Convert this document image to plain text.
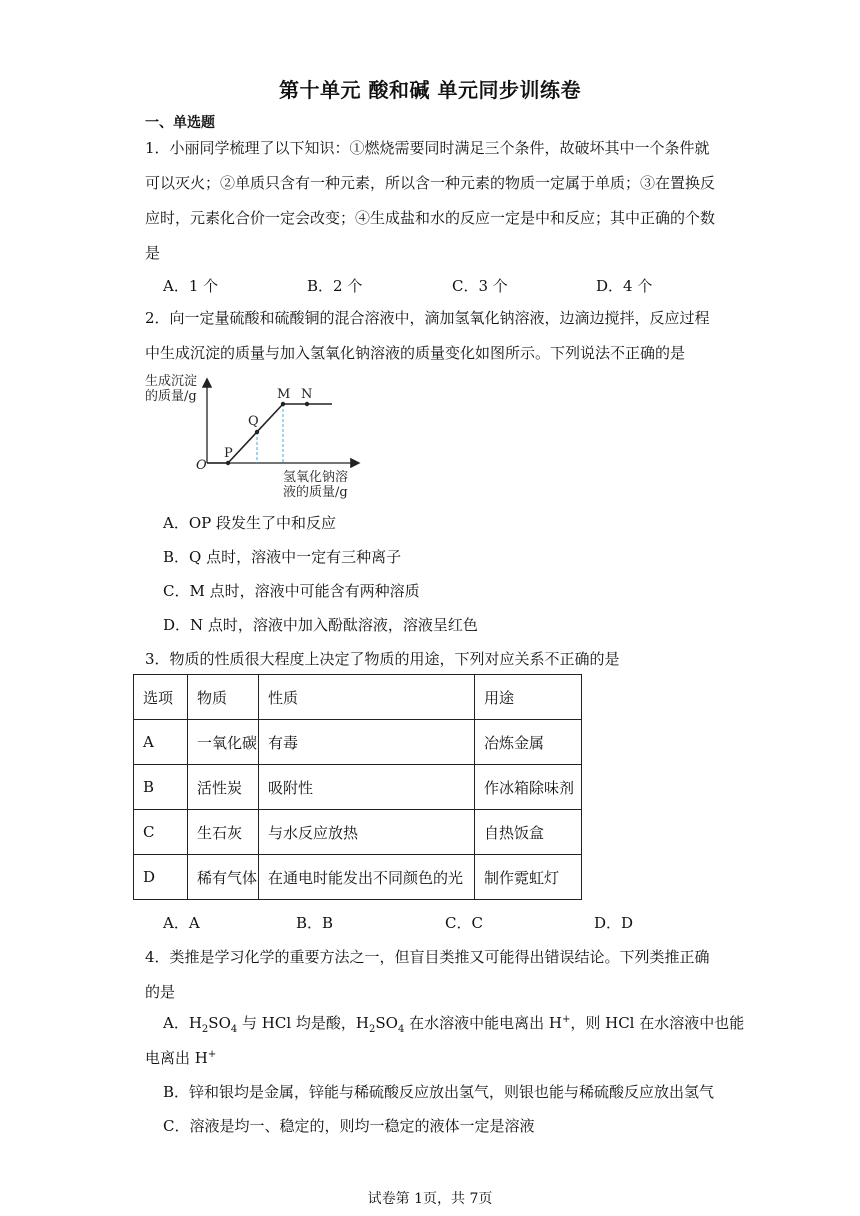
第十单元 酸和碱 单元同步训练卷
一、单选题
1．小丽同学梳理了以下知识：①燃烧需要同时满足三个条件，故破坏其中一个条件就
可以灭火；②单质只含有一种元素，所以含一种元素的物质一定属于单质；③在置换反
应时，元素化合价一定会改变；④生成盐和水的反应一定是中和反应；其中正确的个数
是
A．1 个	B．2 个	C．3 个	D．4 个
2．向一定量硫酸和硫酸铜的混合溶液中，滴加氢氧化钠溶液，边滴边搅拌，反应过程
中生成沉淀的质量与加入氢氧化钠溶液的质量变化如图所示。下列说法不正确的是
生成沉淀
的质量/g
O
P
Q
M N
氢氧化钠溶
液的质量/g
A．OP 段发生了中和反应
B．Q 点时，溶液中一定有三种离子
C．M 点时，溶液中可能含有两种溶质
D．N 点时，溶液中加入酚酞溶液，溶液呈红色
3．物质的性质很大程度上决定了物质的用途，下列对应关系不正确的是
选项	物质	性质	用途
A	一氧化碳	有毒	冶炼金属
B	活性炭	吸附性	作冰箱除味剂
C	生石灰	与水反应放热	自热饭盒
D	稀有气体	在通电时能发出不同颜色的光	制作霓虹灯
A．A	B．B	C．C	D．D
4．类推是学习化学的重要方法之一，但盲目类推又可能得出错误结论。下列类推正确
的是
A．$H_2SO_4$ 与 HCl 均是酸，$H_2SO_4$ 在水溶液中能电离出 H+，则 HCl 在水溶液中也能
电离出 H+
B．锌和银均是金属，锌能与稀硫酸反应放出氢气，则银也能与稀硫酸反应放出氢气
C．溶液是均一、稳定的，则均一稳定的液体一定是溶液
试卷第 1页，共 7页
